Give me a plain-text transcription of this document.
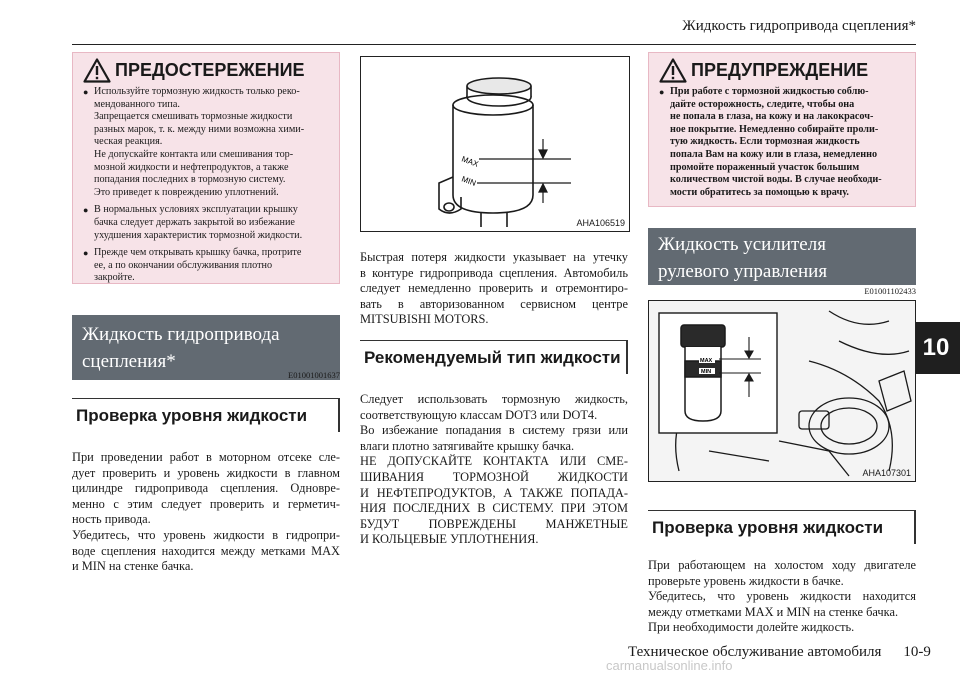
Жидкость гидропривода сцепления*
10
ПРЕДОСТЕРЕЖЕНИЕ
● Используйте тормозную жидкость только реко-
мендованного типа.
Запрещается смешивать тормозные жидкости
разных марок, т. к. между ними возможна хими-
ческая реакция.
Не допускайте контакта или смешивания тор-
мозной жидкости и нефтепродуктов, а также
попадания последних в тормозную систему.
Это приведет к повреждению уплотнений.
● В нормальных условиях эксплуатации крышку
бачка следует держать закрытой во избежание
ухудшения характеристик тормозной жидкости.
● Прежде чем открывать крышку бачка, протрите
ее, а по окончании обслуживания плотно
закройте.
Жидкость гидропривода
сцепления*
E01001001637
Проверка уровня жидкости
При проведении работ в моторном отсеке сле-
дует проверить и уровень жидкости в главном
цилиндре гидропривода сцепления. Одновре-
менно с этим следует проверить и герметич-
ность привода.
Убедитесь, что уровень жидкости в гидропри-
воде сцепления находится между метками MAX
и MIN на стенке бачка.
MAX
MIN
AHA106519
Быстрая потеря жидкости указывает на утечку
в контуре гидропривода сцепления. Автомобиль
следует немедленно проверить и отремонтиро-
вать в авторизованном сервисном центре
MITSUBISHI MOTORS.
Рекомендуемый тип жидкости
Следует использовать тормозную жидкость,
соответствующую классам DOT3 или DOT4.
Во избежание попадания в систему грязи или
влаги плотно затягивайте крышку бачка.
НЕ ДОПУСКАЙТЕ КОНТАКТА ИЛИ СМЕ-
ШИВАНИЯ ТОРМОЗНОЙ ЖИДКОСТИ
И НЕФТЕПРОДУКТОВ, А ТАКЖЕ ПОПАДА-
НИЯ ПОСЛЕДНИХ В СИСТЕМУ. ПРИ ЭТОМ
БУДУТ ПОВРЕЖДЕНЫ МАНЖЕТНЫЕ
И КОЛЬЦЕВЫЕ УПЛОТНЕНИЯ.
ПРЕДУПРЕЖДЕНИЕ
● При работе с тормозной жидкостью соблю-
дайте осторожность, следите, чтобы она
не попала в глаза, на кожу и на лакокрасоч-
ное покрытие. Немедленно собирайте проли-
тую жидкость. Если тормозная жидкость
попала Вам на кожу или в глаза, немедленно
промойте пораженный участок большим
количеством чистой воды. В случае необходи-
мости обратитесь за помощью к врачу.
Жидкость усилителя
рулевого управления
E01001102433
MAX
MIN
AHA107301
Проверка уровня жидкости
При работающем на холостом ходу двигателе
проверьте уровень жидкости в бачке.
Убедитесь, что уровень жидкости находится
между отметками MAX и MIN на стенке бачка.
При необходимости долейте жидкость.
Техническое обслуживание автомобиля 10-9
carmanualsonline.info
